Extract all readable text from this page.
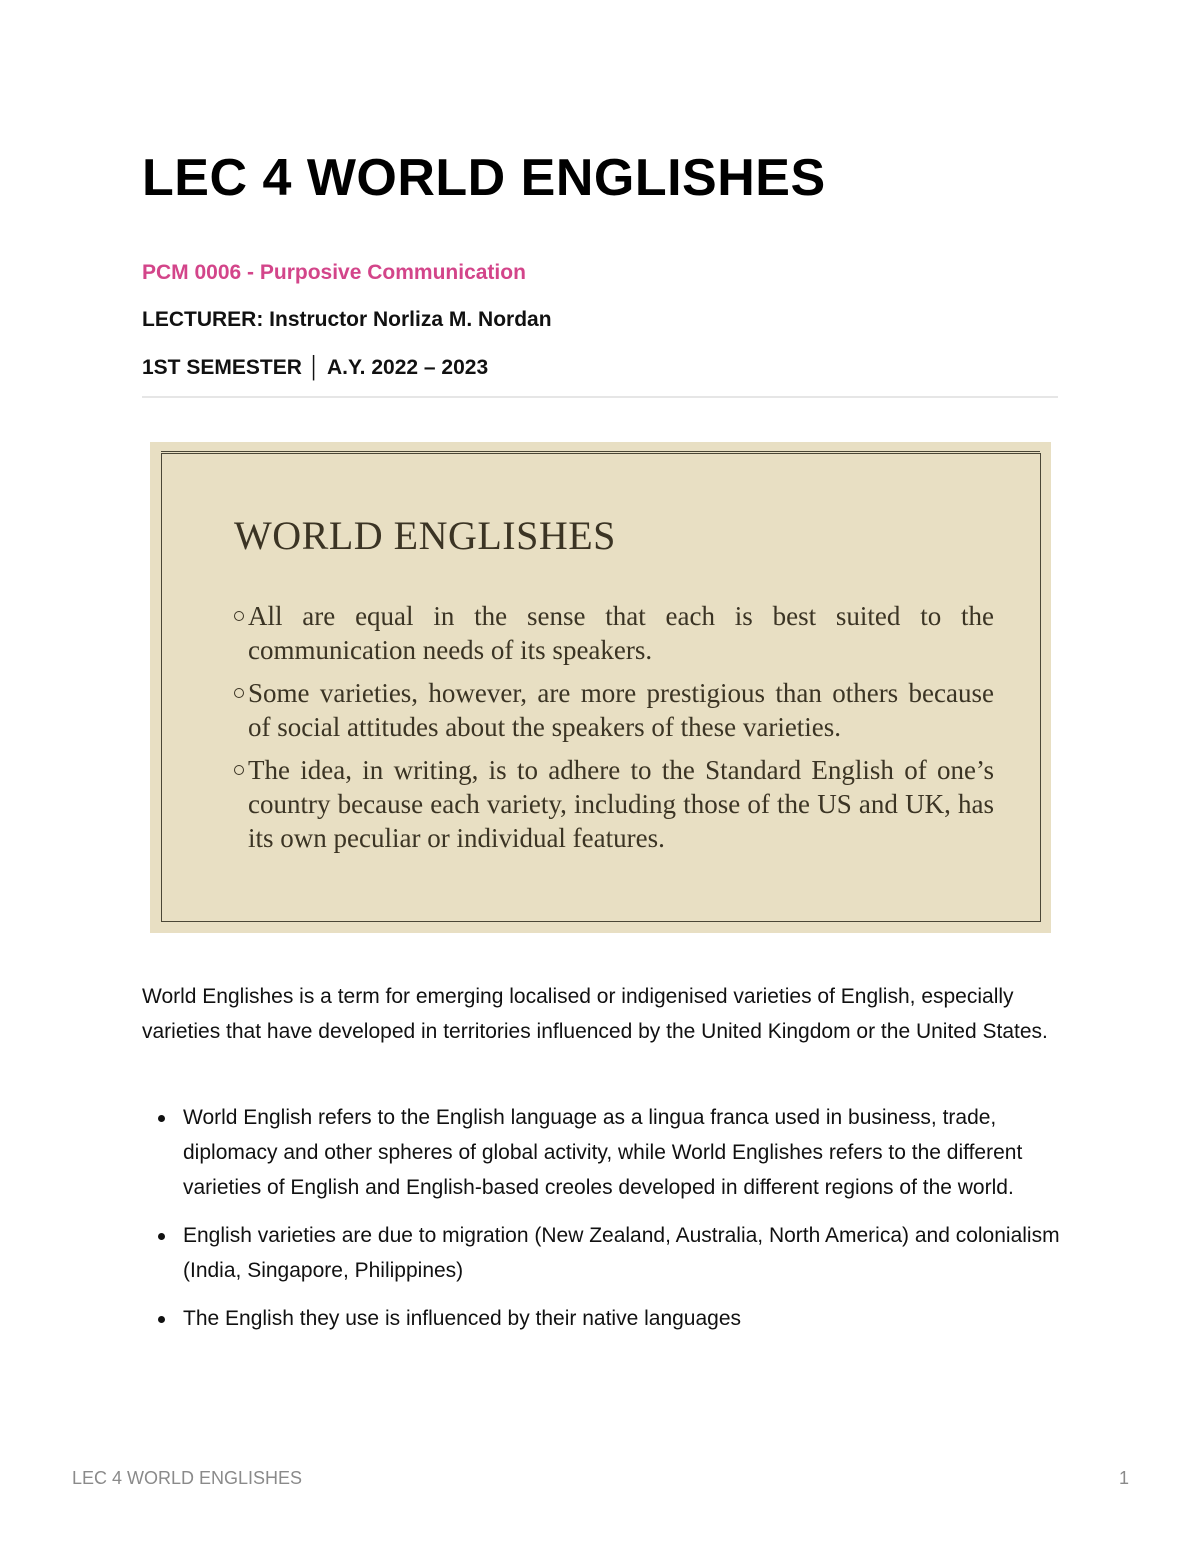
LEC 4 WORLD ENGLISHES
PCM 0006 - Purposive Communication
LECTURER: Instructor Norliza M. Nordan
1ST SEMESTER │ A.Y. 2022 – 2023
WORLD ENGLISHES
All are equal in the sense that each is best suited to the communication needs of its speakers.
Some varieties, however, are more prestigious than others because of social attitudes about the speakers of these varieties.
The idea, in writing, is to adhere to the Standard English of one’s country because each variety, including those of the US and UK, has its own peculiar or individual features.

World Englishes is a term for emerging localised or indigenised varieties of English, especially varieties that have developed in territories influenced by the United Kingdom or the United States.

World English refers to the English language as a lingua franca used in business, trade, diplomacy and other spheres of global activity, while World Englishes refers to the different varieties of English and English-based creoles developed in different regions of the world.
English varieties are due to migration (New Zealand, Australia, North America) and colonialism (India, Singapore, Philippines)
The English they use is influenced by their native languages
LEC 4 WORLD ENGLISHES	1
